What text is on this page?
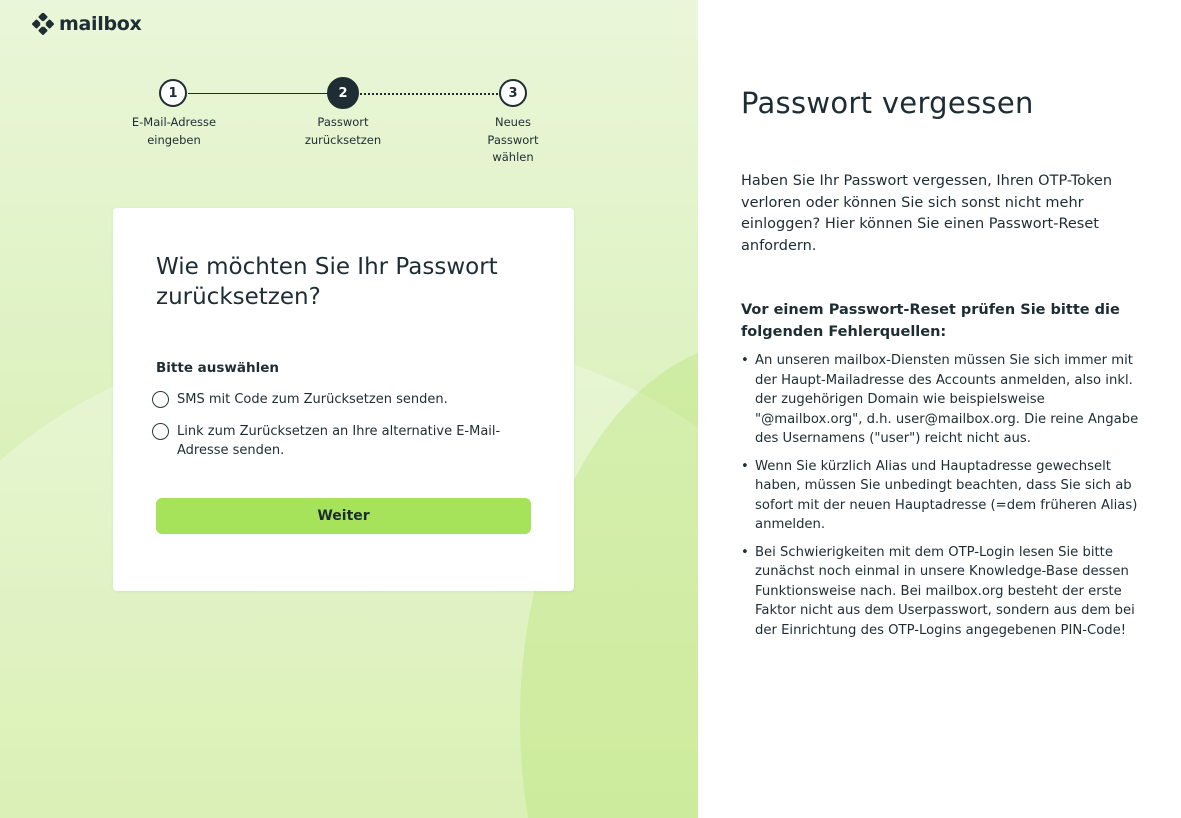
mailbox
1
E-Mail-Adresse
eingeben
2
Passwort
zurücksetzen
3
Neues
Passwort
wählen
Wie möchten Sie Ihr Passwort
zurücksetzen?
Bitte auswählen
SMS mit Code zum Zurücksetzen senden.
Link zum Zurücksetzen an Ihre alternative E-Mail-Adresse senden.
Weiter
Passwort vergessen

Haben Sie Ihr Passwort vergessen, Ihren OTP-Token verloren oder können Sie sich sonst nicht mehr einloggen? Hier können Sie einen Passwort-Reset anfordern.

Vor einem Passwort-Reset prüfen Sie bitte die folgenden Fehlerquellen:

• An unseren mailbox-Diensten müssen Sie sich immer mit der Haupt-Mailadresse des Accounts anmelden, also inkl. der zugehörigen Domain wie beispielsweise "@mailbox.org", d.h. user@mailbox.org. Die reine Angabe des Usernamens ("user") reicht nicht aus.
• Wenn Sie kürzlich Alias und Hauptadresse gewechselt haben, müssen Sie unbedingt beachten, dass Sie sich ab sofort mit der neuen Hauptadresse (=dem früheren Alias) anmelden.
• Bei Schwierigkeiten mit dem OTP-Login lesen Sie bitte zunächst noch einmal in unsere Knowledge-Base dessen Funktionsweise nach. Bei mailbox.org besteht der erste Faktor nicht aus dem Userpasswort, sondern aus dem bei der Einrichtung des OTP-Logins angegebenen PIN-Code!
